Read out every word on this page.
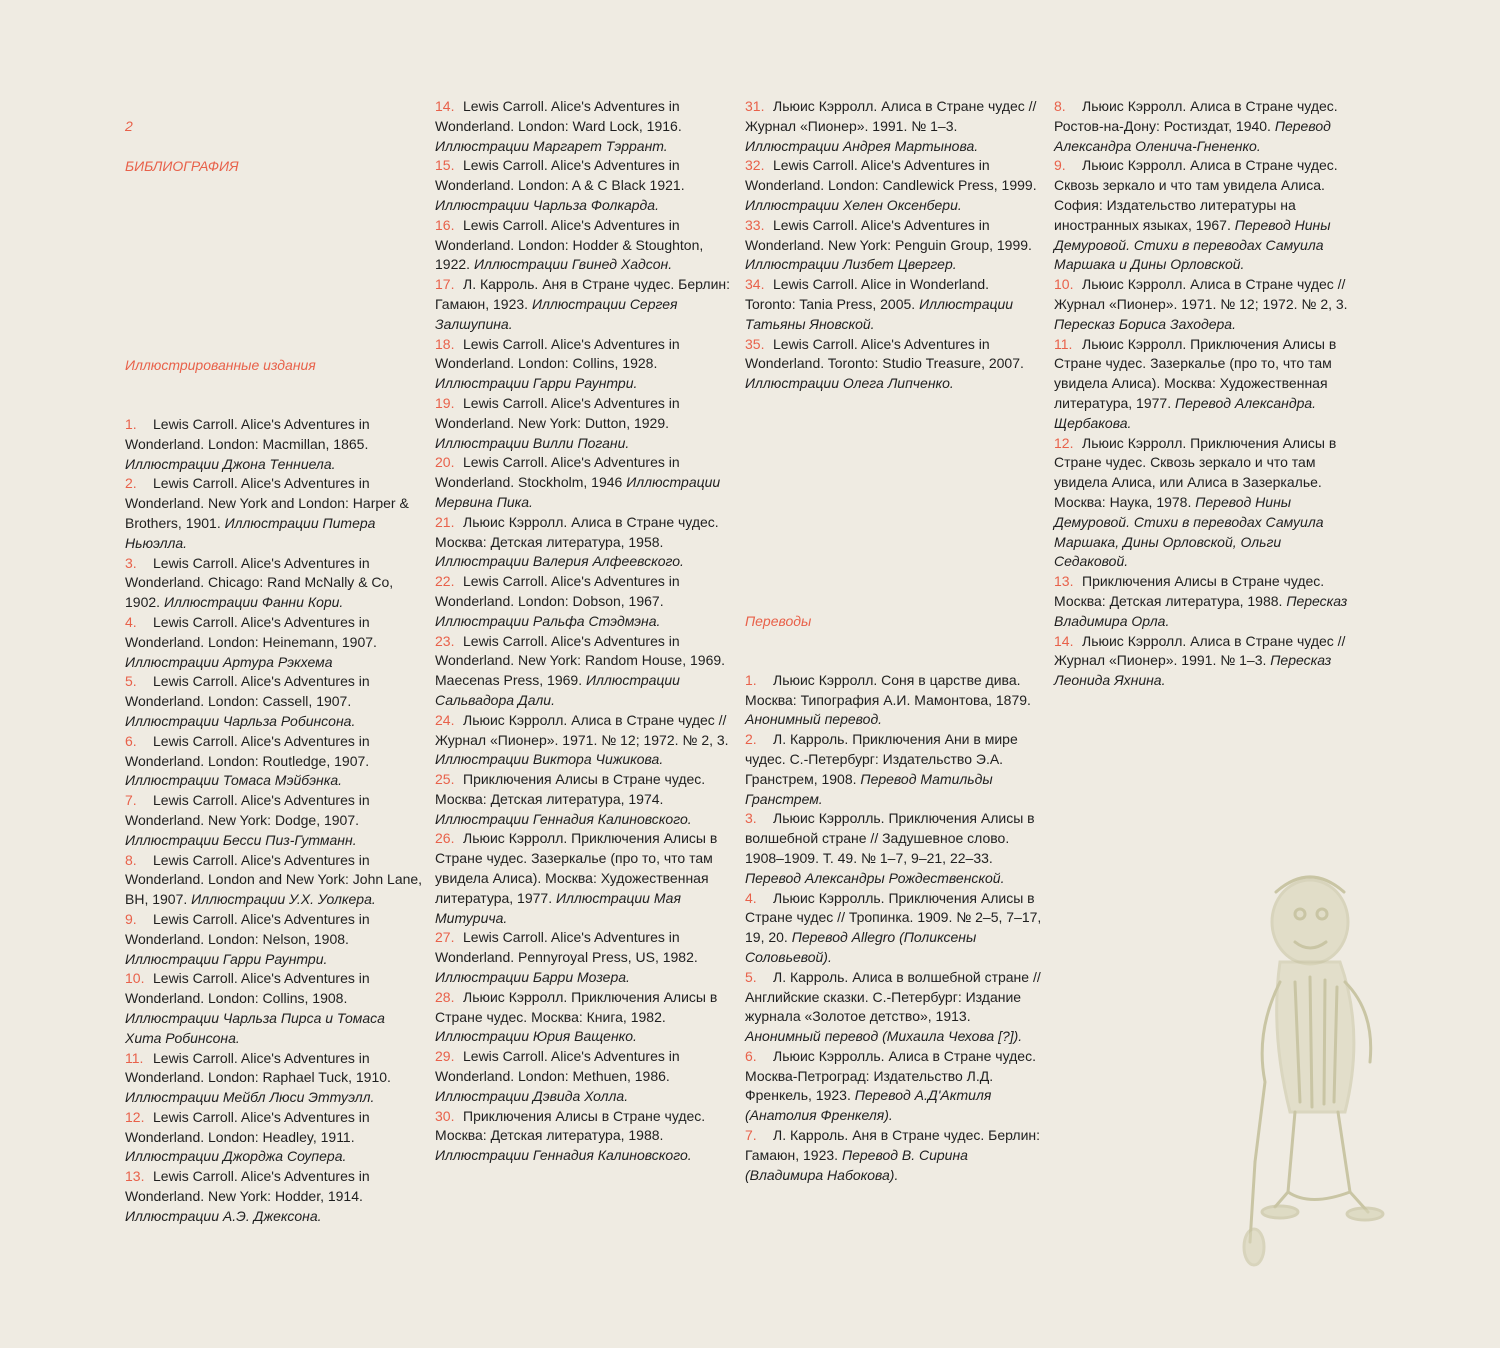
2
БИБЛИОГРАФИЯ
Иллюстрированные издания

1. Lewis Carroll. Alice's Adventures in Wonderland. London: Macmillan, 1865. Иллюстрации Джона Тенниела.

2. Lewis Carroll. Alice's Adventures in Wonderland. New York and London: Harper & Brothers, 1901. Иллюстрации Питера Ньюэлла.

3. Lewis Carroll. Alice's Adventures in Wonderland. Chicago: Rand McNally & Co, 1902. Иллюстрации Фанни Кори.

4. Lewis Carroll. Alice's Adventures in Wonderland. London: Heinemann, 1907. Иллюстрации Артура Рэкхема

5. Lewis Carroll. Alice's Adventures in Wonderland. London: Cassell, 1907. Иллюстрации Чарльза Робинсона.

6. Lewis Carroll. Alice's Adventures in Wonderland. London: Routledge, 1907. Иллюстрации Томаса Мэйбэнка.

7. Lewis Carroll. Alice's Adventures in Wonderland. New York: Dodge, 1907. Иллюстрации Бесси Пиз-Гутманн.

8. Lewis Carroll. Alice's Adventures in Wonderland. London and New York: John Lane, BH, 1907. Иллюстрации У.Х. Уолкера.

9. Lewis Carroll. Alice's Adventures in Wonderland. London: Nelson, 1908. Иллюстрации Гарри Раунтри.

10. Lewis Carroll. Alice's Adventures in Wonderland. London: Collins, 1908. Иллюстрации Чарльза Пирса и Томаса Хита Робинсона.

11. Lewis Carroll. Alice's Adventures in Wonderland. London: Raphael Tuck, 1910. Иллюстрации Мейбл Люси Эттуэлл.

12. Lewis Carroll. Alice's Adventures in Wonderland. London: Headley, 1911. Иллюстрации Джорджа Соупера.

13. Lewis Carroll. Alice's Adventures in Wonderland. New York: Hodder, 1914. Иллюстрации А.Э. Джексона.

14. Lewis Carroll. Alice's Adventures in Wonderland. London: Ward Lock, 1916. Иллюстрации Маргарет Тэррант.

15. Lewis Carroll. Alice's Adventures in Wonderland. London: A & C Black 1921. Иллюстрации Чарльза Фолкарда.

16. Lewis Carroll. Alice's Adventures in Wonderland. London: Hodder & Stoughton, 1922. Иллюстрации Гвинед Хадсон.

17. Л. Карроль. Аня в Стране чудес. Берлин: Гамаюн, 1923. Иллюстрации Сергея Залшупина.

18. Lewis Carroll. Alice's Adventures in Wonderland. London: Collins, 1928. Иллюстрации Гарри Раунтри.

19. Lewis Carroll. Alice's Adventures in Wonderland. New York: Dutton, 1929. Иллюстрации Вилли Погани.

20. Lewis Carroll. Alice's Adventures in Wonderland. Stockholm, 1946 Иллюстрации Мервина Пика.

21. Льюис Кэрролл. Алиса в Стране чудес. Москва: Детская литература, 1958. Иллюстрации Валерия Алфеевского.

22. Lewis Carroll. Alice's Adventures in Wonderland. London: Dobson, 1967. Иллюстрации Ральфа Стэдмэна.

23. Lewis Carroll. Alice's Adventures in Wonderland. New York: Random House, 1969. Maecenas Press, 1969. Иллюстрации Сальвадора Дали.

24. Льюис Кэрролл. Алиса в Стране чудес // Журнал «Пионер». 1971. № 12; 1972. № 2, 3. Иллюстрации Виктора Чижикова.

25. Приключения Алисы в Стране чудес. Москва: Детская литература, 1974. Иллюстрации Геннадия Калиновского.

26. Льюис Кэрролл. Приключения Алисы в Стране чудес. Зазеркалье (про то, что там увидела Алиса). Москва: Художественная литература, 1977. Иллюстрации Мая Митурича.

27. Lewis Carroll. Alice's Adventures in Wonderland. Pennyroyal Press, US, 1982. Иллюстрации Барри Мозера.

28. Льюис Кэрролл. Приключения Алисы в Стране чудес. Москва: Книга, 1982. Иллюстрации Юрия Ващенко.

29. Lewis Carroll. Alice's Adventures in Wonderland. London: Methuen, 1986. Иллюстрации Дэвида Холла.

30. Приключения Алисы в Стране чудес. Москва: Детская литература, 1988. Иллюстрации Геннадия Калиновского.

31. Льюис Кэрролл. Алиса в Стране чудес // Журнал «Пионер». 1991. № 1–3. Иллюстрации Андрея Мартынова.

32. Lewis Carroll. Alice's Adventures in Wonderland. London: Candlewick Press, 1999. Иллюстрации Хелен Оксенбери.

33. Lewis Carroll. Alice's Adventures in Wonderland. New York: Penguin Group, 1999. Иллюстрации Лизбет Цвергер.

34. Lewis Carroll. Alice in Wonderland. Toronto: Tania Press, 2005. Иллюстрации Татьяны Яновской.

35. Lewis Carroll. Alice's Adventures in Wonderland. Toronto: Studio Treasure, 2007. Иллюстрации Олега Липченко.

Переводы

1. Льюис Кэрролл. Соня в царстве дива. Москва: Типография А.И. Мамонтова, 1879. Анонимный перевод.

2. Л. Карроль. Приключения Ани в мире чудес. С.-Петербург: Издательство Э.А. Гранстрем, 1908. Перевод Матильды Гранстрем.

3. Льюис Кэрролль. Приключения Алисы в волшебной стране // Задушевное слово. 1908–1909. Т. 49. № 1–7, 9–21, 22–33. Перевод Александры Рождественской.

4. Льюис Кэрролль. Приключения Алисы в Стране чудес // Тропинка. 1909. № 2–5, 7–17, 19, 20. Перевод Allegro (Поликсены Соловьевой).

5. Л. Карроль. Алиса в волшебной стране // Английские сказки. С.-Петербург: Издание журнала «Золотое детство», 1913. Анонимный перевод (Михаила Чехова [?]).

6. Льюис Кэрролль. Алиса в Стране чудес. Москва-Петроград: Издательство Л.Д. Френкель, 1923. Перевод А.Д'Актиля (Анатолия Френкеля).

7. Л. Карроль. Аня в Стране чудес. Берлин: Гамаюн, 1923. Перевод В. Сирина (Владимира Набокова).

8. Льюис Кэрролл. Алиса в Стране чудес. Ростов-на-Дону: Ростиздат, 1940. Перевод Александра Оленича-Гнененко.

9. Льюис Кэрролл. Алиса в Стране чудес. Сквозь зеркало и что там увидела Алиса. София: Издательство литературы на иностранных языках, 1967. Перевод Нины Демуровой. Стихи в переводах Самуила Маршака и Дины Орловской.

10. Льюис Кэрролл. Алиса в Стране чудес // Журнал «Пионер». 1971. № 12; 1972. № 2, 3. Пересказ Бориса Заходера.

11. Льюис Кэрролл. Приключения Алисы в Стране чудес. Зазеркалье (про то, что там увидела Алиса). Москва: Художественная литература, 1977. Перевод Александра. Щербакова.

12. Льюис Кэрролл. Приключения Алисы в Стране чудес. Сквозь зеркало и что там увидела Алиса, или Алиса в Зазеркалье. Москва: Наука, 1978. Перевод Нины Демуровой. Стихи в переводах Самуила Маршака, Дины Орловской, Ольги Седаковой.

13. Приключения Алисы в Стране чудес. Москва: Детская литература, 1988. Пересказ Владимира Орла.

14. Льюис Кэрролл. Алиса в Стране чудес // Журнал «Пионер». 1991. № 1–3. Пересказ Леонида Яхнина.
